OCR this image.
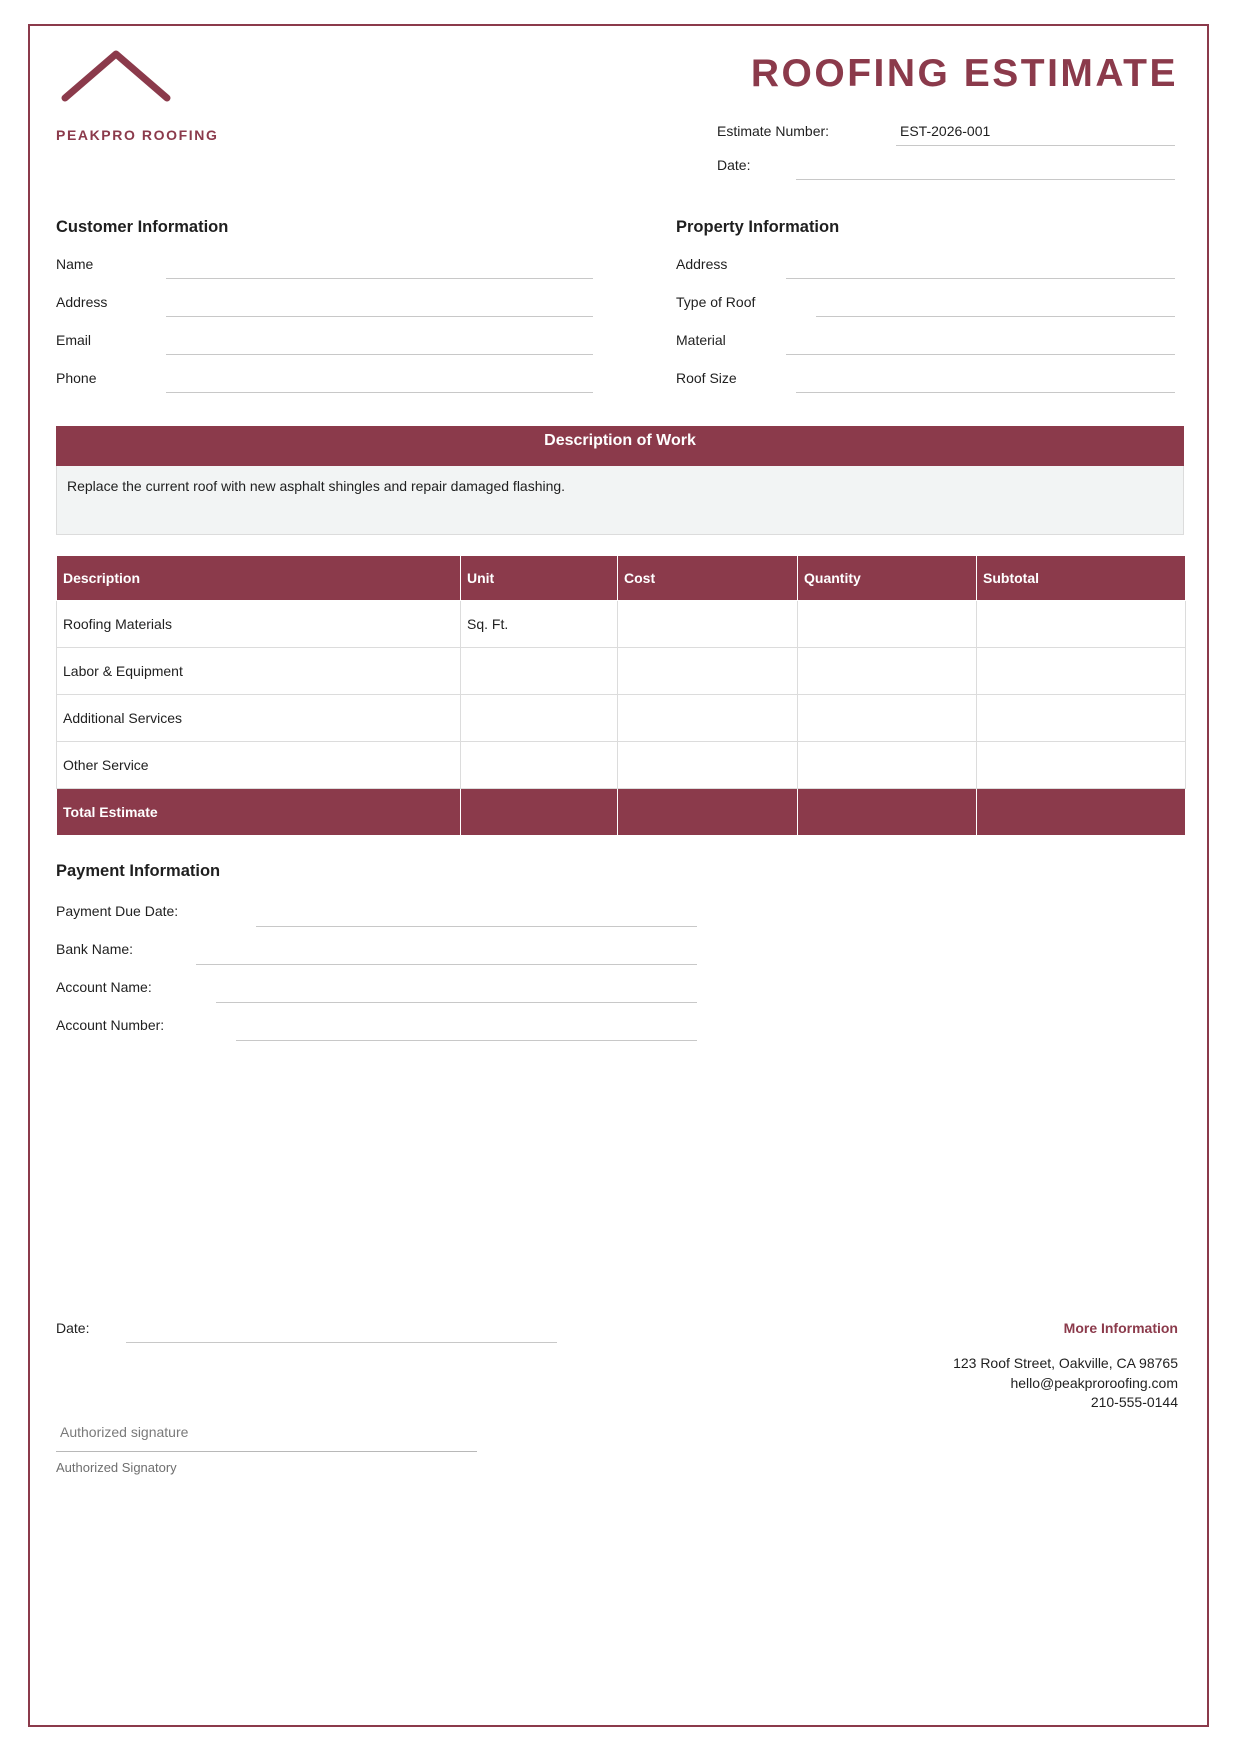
PEAKPRO ROOFING
ROOFING ESTIMATE
Estimate Number:	EST-2026-001
Date:
Customer Information
Name
Address
Email
Phone
Property Information
Address
Type of Roof
Material
Roof Size
Description of Work
Replace the current roof with new asphalt shingles and repair damaged flashing.
Description	Unit	Cost	Quantity	Subtotal
Roofing Materials	Sq. Ft.			
Labor & Equipment				
Additional Services				
Other Service				
Total Estimate				
Payment Information
Payment Due Date:
Bank Name:
Account Name:
Account Number:
Date:
Authorized signature
Authorized Signatory
More Information
123 Roof Street, Oakville, CA 98765
hello@peakproroofing.com
210-555-0144
